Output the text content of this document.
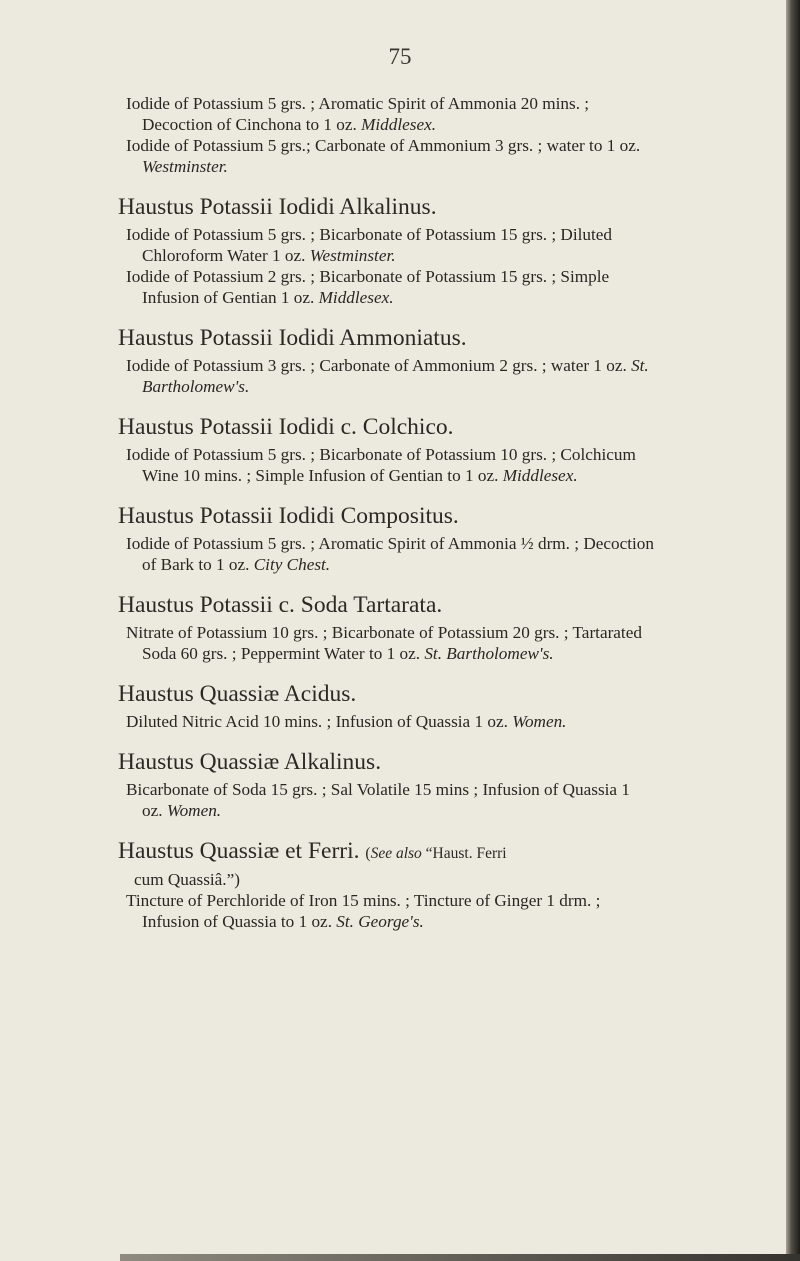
75

Iodide of Potassium 5 grs. ; Aromatic Spirit of Ammonia 20 mins. ; Decoction of Cinchona to 1 oz. Middlesex.

Iodide of Potassium 5 grs.; Carbonate of Ammonium 3 grs. ; water to 1 oz. Westminster.

Haustus Potassii Iodidi Alkalinus.

Iodide of Potassium 5 grs. ; Bicarbonate of Potassium 15 grs. ; Diluted Chloroform Water 1 oz. Westminster.

Iodide of Potassium 2 grs. ; Bicarbonate of Potassium 15 grs. ; Simple Infusion of Gentian 1 oz. Middlesex.

Haustus Potassii Iodidi Ammoniatus.

Iodide of Potassium 3 grs. ; Carbonate of Ammonium 2 grs. ; water 1 oz. St. Bartholomew's.

Haustus Potassii Iodidi c. Colchico.

Iodide of Potassium 5 grs. ; Bicarbonate of Potassium 10 grs. ; Colchicum Wine 10 mins. ; Simple Infusion of Gentian to 1 oz. Middlesex.

Haustus Potassii Iodidi Compositus.

Iodide of Potassium 5 grs. ; Aromatic Spirit of Ammonia ½ drm. ; Decoction of Bark to 1 oz. City Chest.

Haustus Potassii c. Soda Tartarata.

Nitrate of Potassium 10 grs. ; Bicarbonate of Potassium 20 grs. ; Tartarated Soda 60 grs. ; Peppermint Water to 1 oz. St. Bartholomew's.

Haustus Quassiæ Acidus.

Diluted Nitric Acid 10 mins. ; Infusion of Quassia 1 oz. Women.

Haustus Quassiæ Alkalinus.

Bicarbonate of Soda 15 grs. ; Sal Volatile 15 mins ; Infusion of Quassia 1 oz. Women.

Haustus Quassiæ et Ferri. (See also “Haust. Ferri
cum Quassiâ.”)

Tincture of Perchloride of Iron 15 mins. ; Tincture of Ginger 1 drm. ; Infusion of Quassia to 1 oz. St. George's.
